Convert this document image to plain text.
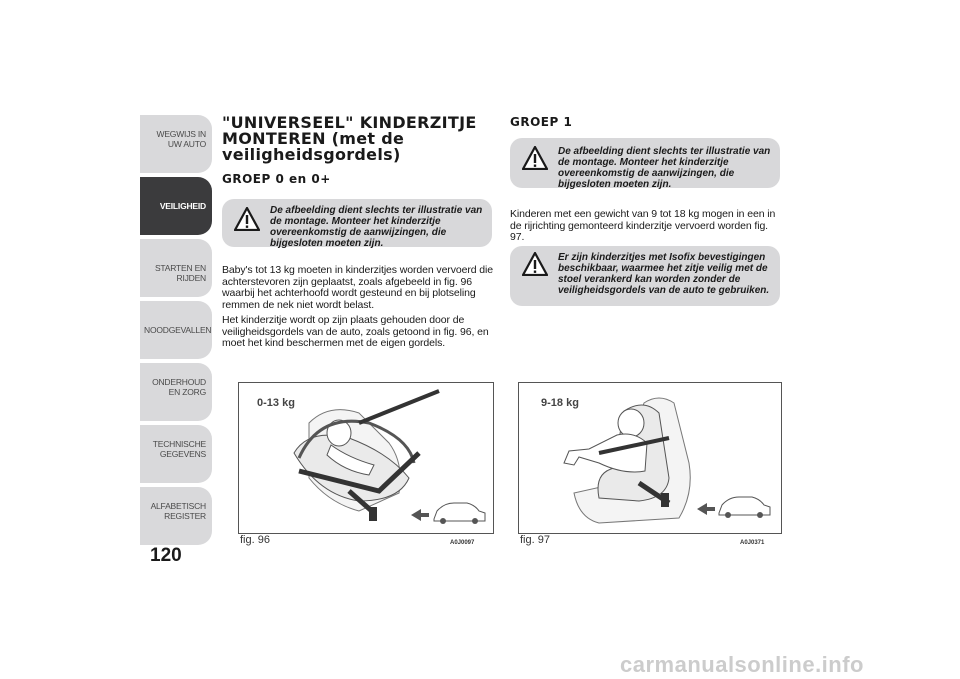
WEGWIJS IN UW AUTO
VEILIGHEID
STARTEN EN RIJDEN
NOODGEVALLEN
ONDERHOUD EN ZORG
TECHNISCHE GEGEVENS
ALFABETISCH REGISTER
120
"UNIVERSEEL" KINDERZITJE MONTEREN (met de veiligheidsgordels)
GROEP 0 en 0+
De afbeelding dient slechts ter illustratie van de montage. Monteer het kinderzitje overeenkomstig de aanwijzingen, die bijgesloten moeten zijn.

Baby's tot 13 kg moeten in kinderzitjes worden vervoerd die achterstevoren zijn geplaatst, zoals afgebeeld in fig. 96 waarbij het achterhoofd wordt gesteund en bij plotseling remmen de nek niet wordt belast.

Het kinderzitje wordt op zijn plaats gehouden door de veiligheidsgordels van de auto, zoals getoond in fig. 96, en moet het kind beschermen met de eigen gordels.

GROEP 1
De afbeelding dient slechts ter illustratie van de montage. Monteer het kinderzitje overeenkomstig de aanwijzingen, die bijgesloten moeten zijn.

Kinderen met een gewicht van 9 tot 18 kg mogen in een in de rijrichting gemonteerd kinderzitje vervoerd worden fig. 97.

Er zijn kinderzitjes met Isofix bevestigingen beschikbaar, waarmee het zitje veilig met de stoel verankerd kan worden zonder de veiligheidsgordels van de auto te gebruiken.
0-13 kg
fig. 96	A0J0097
9-18 kg
fig. 97	A0J0371
carmanualsonline.info
